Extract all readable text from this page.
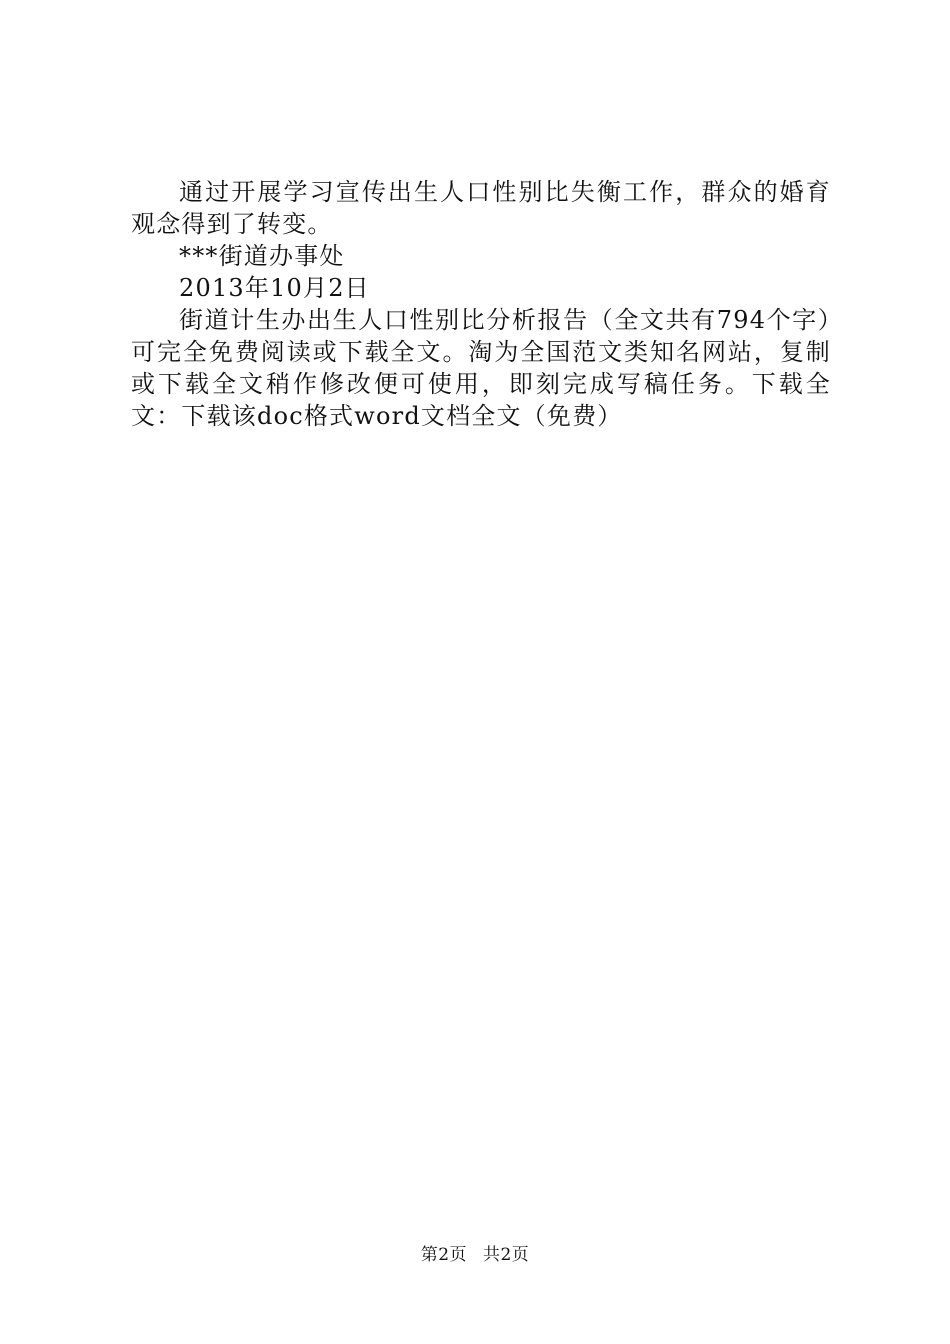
通过开展学习宣传出生人口性别比失衡工作，群众的婚育观念得到了转变。

***街道办事处

2013年10月2日

街道计生办出生人口性别比分析报告（全文共有794个字）可完全免费阅读或下载全文。淘为全国范文类知名网站，复制或下载全文稍作修改便可使用，即刻完成写稿任务。下载全文：下载该doc格式word文档全文（免费）

第2页 共2页
